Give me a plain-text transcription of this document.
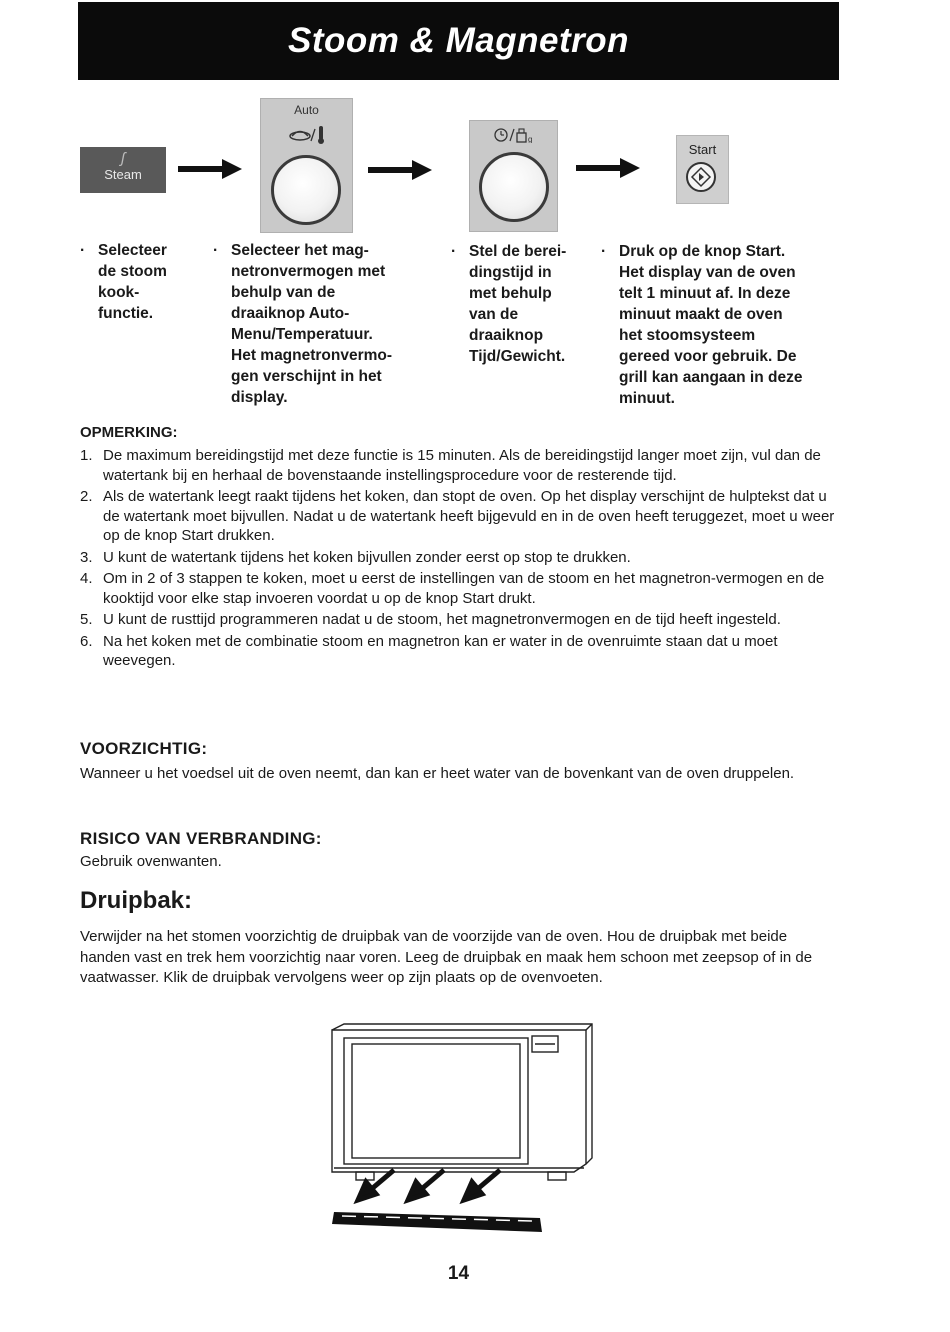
Stoom & Magnetron
ʃ
Steam
Auto
g
Start
· Selecteer
de stoom
kook-
functie.
· Selecteer het mag-
netronvermogen met
behulp van de
draaiknop Auto-
Menu/Temperatuur.
Het magnetronvermo-
gen verschijnt in het
display.
· Stel de berei-
dingstijd in
met behulp
van de
draaiknop
Tijd/Gewicht.
· Druk op de knop Start.
Het display van de oven
telt 1 minuut af. In deze
minuut maakt de oven
het stoomsysteem
gereed voor gebruik. De
grill kan aangaan in deze
minuut.
OPMERKING:
1. De maximum bereidingstijd met deze functie is 15 minuten. Als de bereidingstijd langer moet zijn, vul dan de watertank bij en herhaal de bovenstaande instellingsprocedure voor de resterende tijd.
2. Als de watertank leegt raakt tijdens het koken, dan stopt de oven. Op het display verschijnt de hulptekst dat u de watertank moet bijvullen. Nadat u de watertank heeft bijgevuld en in de oven heeft teruggezet, moet u weer op de knop Start drukken.
3. U kunt de watertank tijdens het koken bijvullen zonder eerst op stop te drukken.
4. Om in 2 of 3 stappen te koken, moet u eerst de instellingen van de stoom en het magnetron-vermogen en de kooktijd voor elke stap invoeren voordat u op de knop Start drukt.
5. U kunt de rusttijd programmeren nadat u de stoom, het magnetronvermogen en de tijd heeft ingesteld.
6. Na het koken met de combinatie stoom en magnetron kan er water in de ovenruimte staan dat u moet weevegen.
VOORZICHTIG:

Wanneer u het voedsel uit de oven neemt, dan kan er heet water van de bovenkant van de oven druppelen.

RISICO VAN VERBRANDING:

Gebruik ovenwanten.

Druipbak:

Verwijder na het stomen voorzichtig de druipbak van de voorzijde van de oven. Hou de druipbak met beide handen vast en trek hem voorzichtig naar voren. Leeg de druipbak en maak hem schoon met zeepsop of in de vaatwasser. Klik de druipbak vervolgens weer op zijn plaats op de ovenvoeten.

14
